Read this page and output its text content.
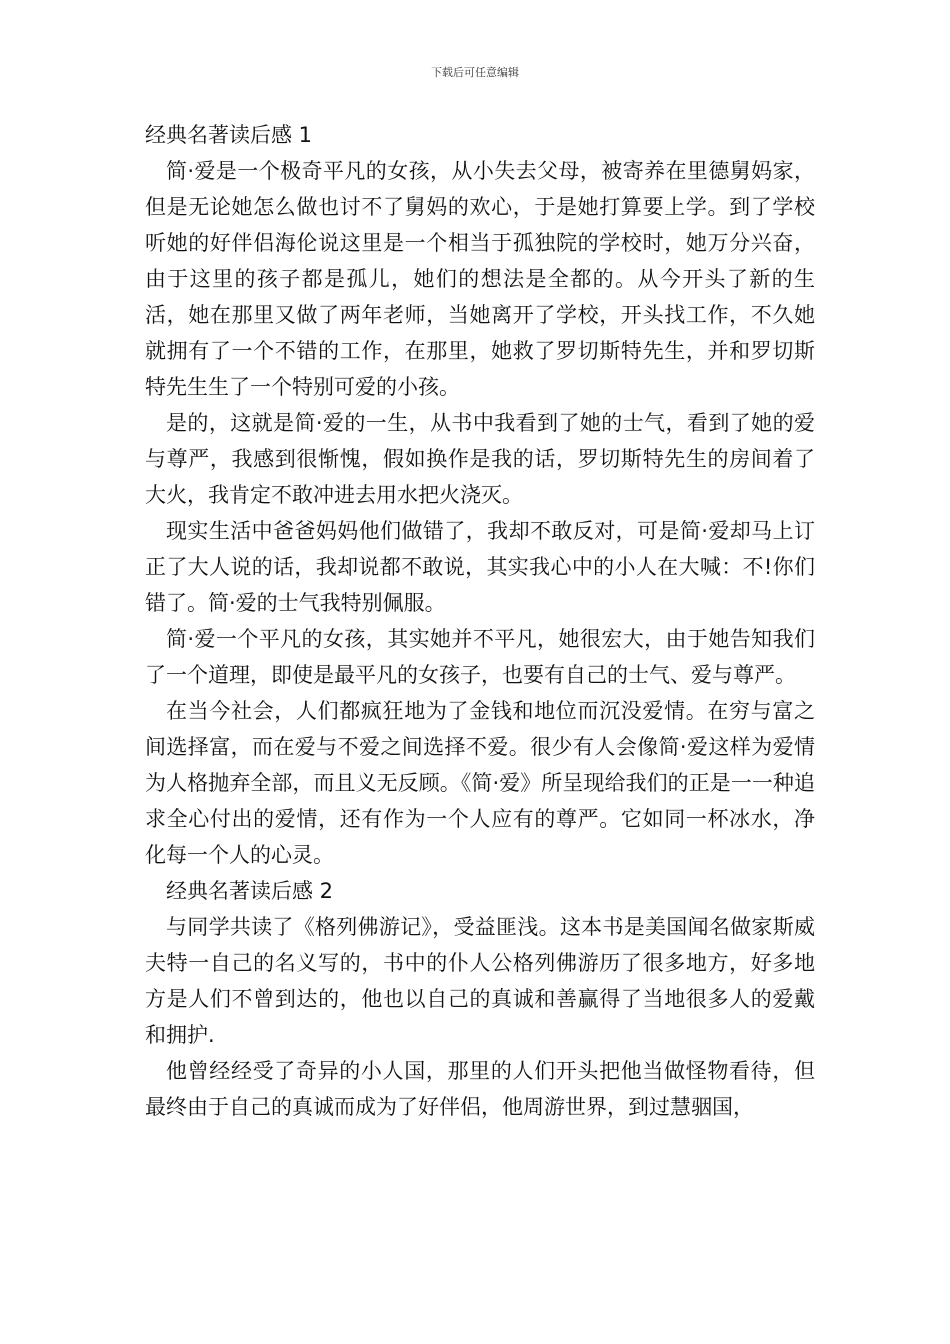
下载后可任意编辑

经典名著读后感 1

简·爱是一个极奇平凡的女孩，从小失去父母，被寄养在里德舅妈家，但是无论她怎么做也讨不了舅妈的欢心，于是她打算要上学。到了学校听她的好伴侣海伦说这里是一个相当于孤独院的学校时，她万分兴奋，由于这里的孩子都是孤儿，她们的想法是全都的。从今开头了新的生活，她在那里又做了两年老师，当她离开了学校，开头找工作，不久她就拥有了一个不错的工作，在那里，她救了罗切斯特先生，并和罗切斯特先生生了一个特别可爱的小孩。

是的，这就是简·爱的一生，从书中我看到了她的士气，看到了她的爱与尊严，我感到很惭愧，假如换作是我的话，罗切斯特先生的房间着了大火，我肯定不敢冲进去用水把火浇灭。

现实生活中爸爸妈妈他们做错了，我却不敢反对，可是简·爱却马上订正了大人说的话，我却说都不敢说，其实我心中的小人在大喊：不!你们错了。简·爱的士气我特别佩服。

简·爱一个平凡的女孩，其实她并不平凡，她很宏大，由于她告知我们了一个道理，即使是最平凡的女孩子，也要有自己的士气、爱与尊严。

在当今社会，人们都疯狂地为了金钱和地位而沉没爱情。在穷与富之间选择富，而在爱与不爱之间选择不爱。很少有人会像简·爱这样为爱情为人格抛弃全部，而且义无反顾。《简·爱》所呈现给我们的正是一一种追求全心付出的爱情，还有作为一个人应有的尊严。它如同一杯冰水，净化每一个人的心灵。

经典名著读后感 2

与同学共读了《格列佛游记》，受益匪浅。这本书是美国闻名做家斯威夫特一自己的名义写的，书中的仆人公格列佛游历了很多地方，好多地方是人们不曾到达的，他也以自己的真诚和善赢得了当地很多人的爱戴和拥护.

他曾经经受了奇异的小人国，那里的人们开头把他当做怪物看待，但最终由于自己的真诚而成为了好伴侣，他周游世界，到过慧骃国，
